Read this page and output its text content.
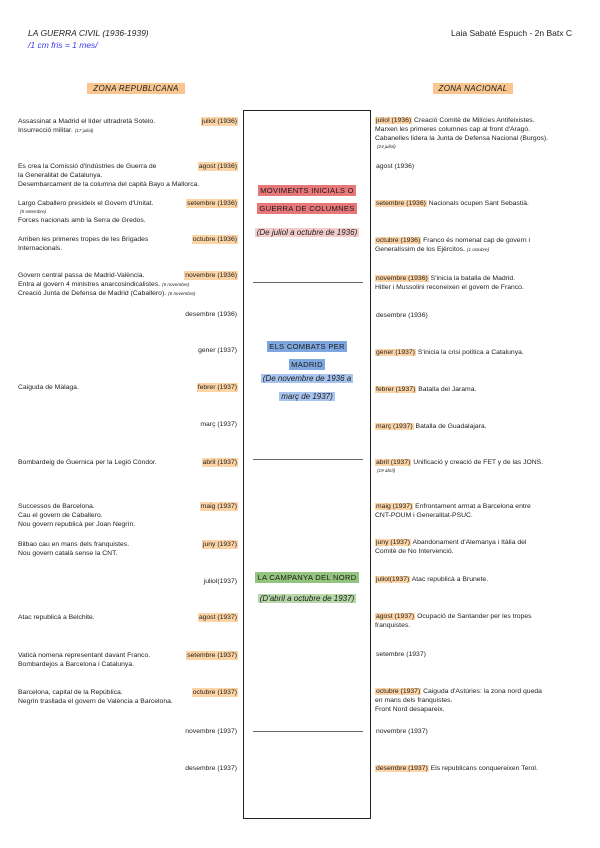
LA GUERRA CIVIL (1936-1939)
/1 cm fris = 1 mes/
Laia Sabaté Espuch - 2n Batx C
ZONA REPUBLICANA	ZONA NACIONAL
MOVIMENTS INICIALS O GUERRA DE COLUMNES
(De juliol a octubre de 1936)
ELS COMBATS PER MADRID
(De novembre de 1936 a març de 1937)
LA CAMPANYA DEL NORD
(D'abril a octubre de 1937)
Assassinat a Madrid el líder ultradretà Sotelo.	juliol (1936)
Insurrecció militar. (17 juliol)
Es crea la Comissió d'Indústries de Guerra de	agost (1936)
la Generalitat de Catalunya.
Desembarcament de la columna del capità Bayo a Mallorca.
Largo Caballero presideix el Govern d'Unitat.	setembre (1936)
(5 setembre)
Forces nacionals amb la Serra de Gredos.
Arriben les primeres tropes de les Brigades	octubre (1936)
Internacionals.
Govern central passa de Madrid-València.	novembre (1936)
Entra al govern 4 ministres anarcosindicalistes. (5 novembre)
Creació Junta de Defensa de Madrid (Caballero). (6 novembre)
desembre (1936)
gener (1937)
Caiguda de Màlaga.	febrer (1937)
març (1937)
Bombardeig de Guernica per la Legió Còndor.	abril (1937)
Successos de Barcelona.	maig (1937)
Cau el govern de Caballero.
Nou govern republicà per Joan Negrín.
Bilbao cau en mans dels franquistes.	juny (1937)
Nou govern català sense la CNT.
juliol(1937)
Atac republicà a Belchite.	agost (1937)
Vaticà nomena representant davant Franco.	setembre (1937)
Bombardejos a Barcelona i Catalunya.
Barcelona, capital de la República.	octubre (1937)
Negrín trasllada el govern de València a Barcelona.
novembre (1937)
desembre (1937)
juliol (1936) Creació Comitè de Milícies Antifeixistes.
Marxen les primeres columnes cap al front d'Aragó.
Cabanelles lidera la Junta de Defensa Nacional (Burgos).
(24 juliol)
agost (1936)
setembre (1936) Nacionals ocupen Sant Sebastià.
octubre (1936) Franco és nomenat cap de govern i
Generalíssim de los Ejércitos. (1 octubre)
novembre (1936) S'inicia la batalla de Madrid.
Hitler i Mussolini reconeixen el govern de Franco.
desembre (1936)
gener (1937) S'inicia la crisi política a Catalunya.
febrer (1937) Batalla del Jarama.
març (1937) Batalla de Guadalajara.
abril (1937) Unificació y creació de FET y de las JONS.
(19 abril)
maig (1937) Enfrontament armat a Barcelona entre
CNT-POUM i Generalitat-PSUC.
juny (1937) Abandonament d'Alemanya i Itàlia del
Comitè de No Intervenció.
juliol(1937) Atac republicà a Brunete.
agost (1937) Ocupació de Santander per les tropes
franquistes.
setembre (1937)
octubre (1937) Caiguda d'Astúries: la zona nord queda
en mans dels franquistes.
Front Nord desapareix.
novembre (1937)
desembre (1937) Els republicans conquereixen Terol.
